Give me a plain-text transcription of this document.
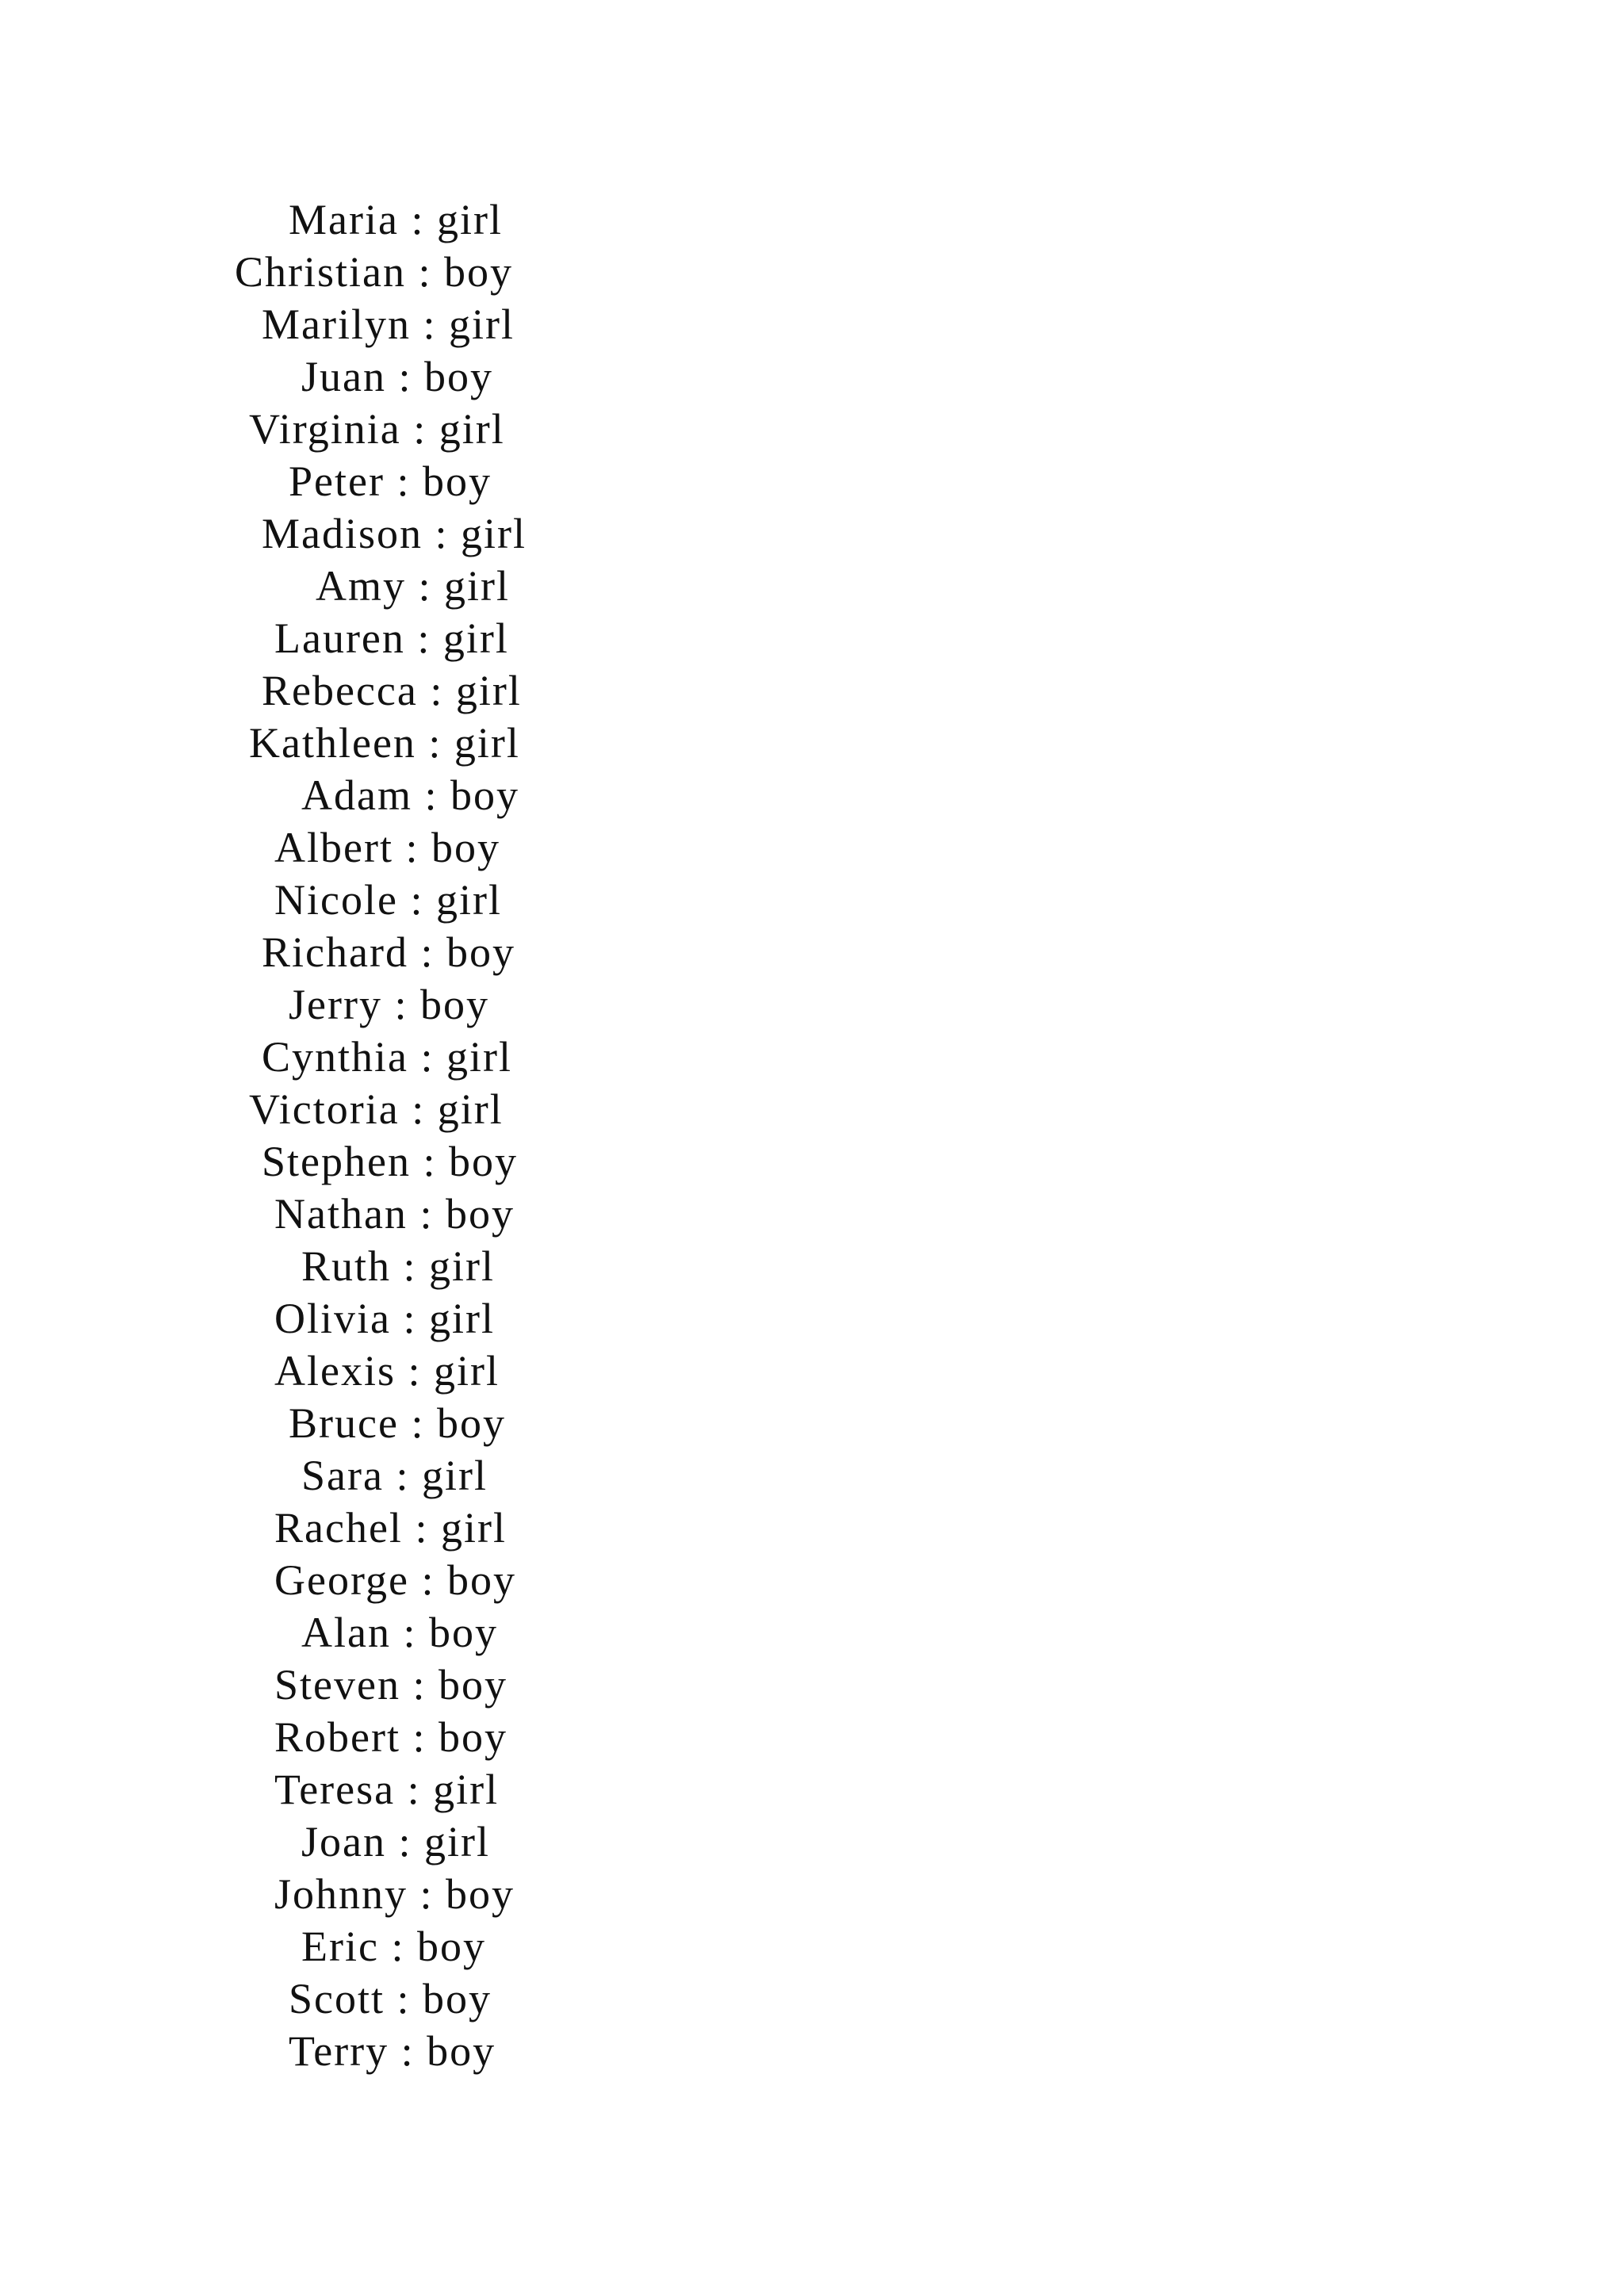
Maria : girl
Christian : boy
Marilyn : girl
Juan : boy
Virginia : girl
Peter : boy
Madison : girl
Amy : girl
Lauren : girl
Rebecca : girl
Kathleen : girl
Adam : boy
Albert : boy
Nicole : girl
Richard : boy
Jerry : boy
Cynthia : girl
Victoria : girl
Stephen : boy
Nathan : boy
Ruth : girl
Olivia : girl
Alexis : girl
Bruce : boy
Sara : girl
Rachel : girl
George : boy
Alan : boy
Steven : boy
Robert : boy
Teresa : girl
Joan : girl
Johnny : boy
Eric : boy
Scott : boy
Terry : boy
